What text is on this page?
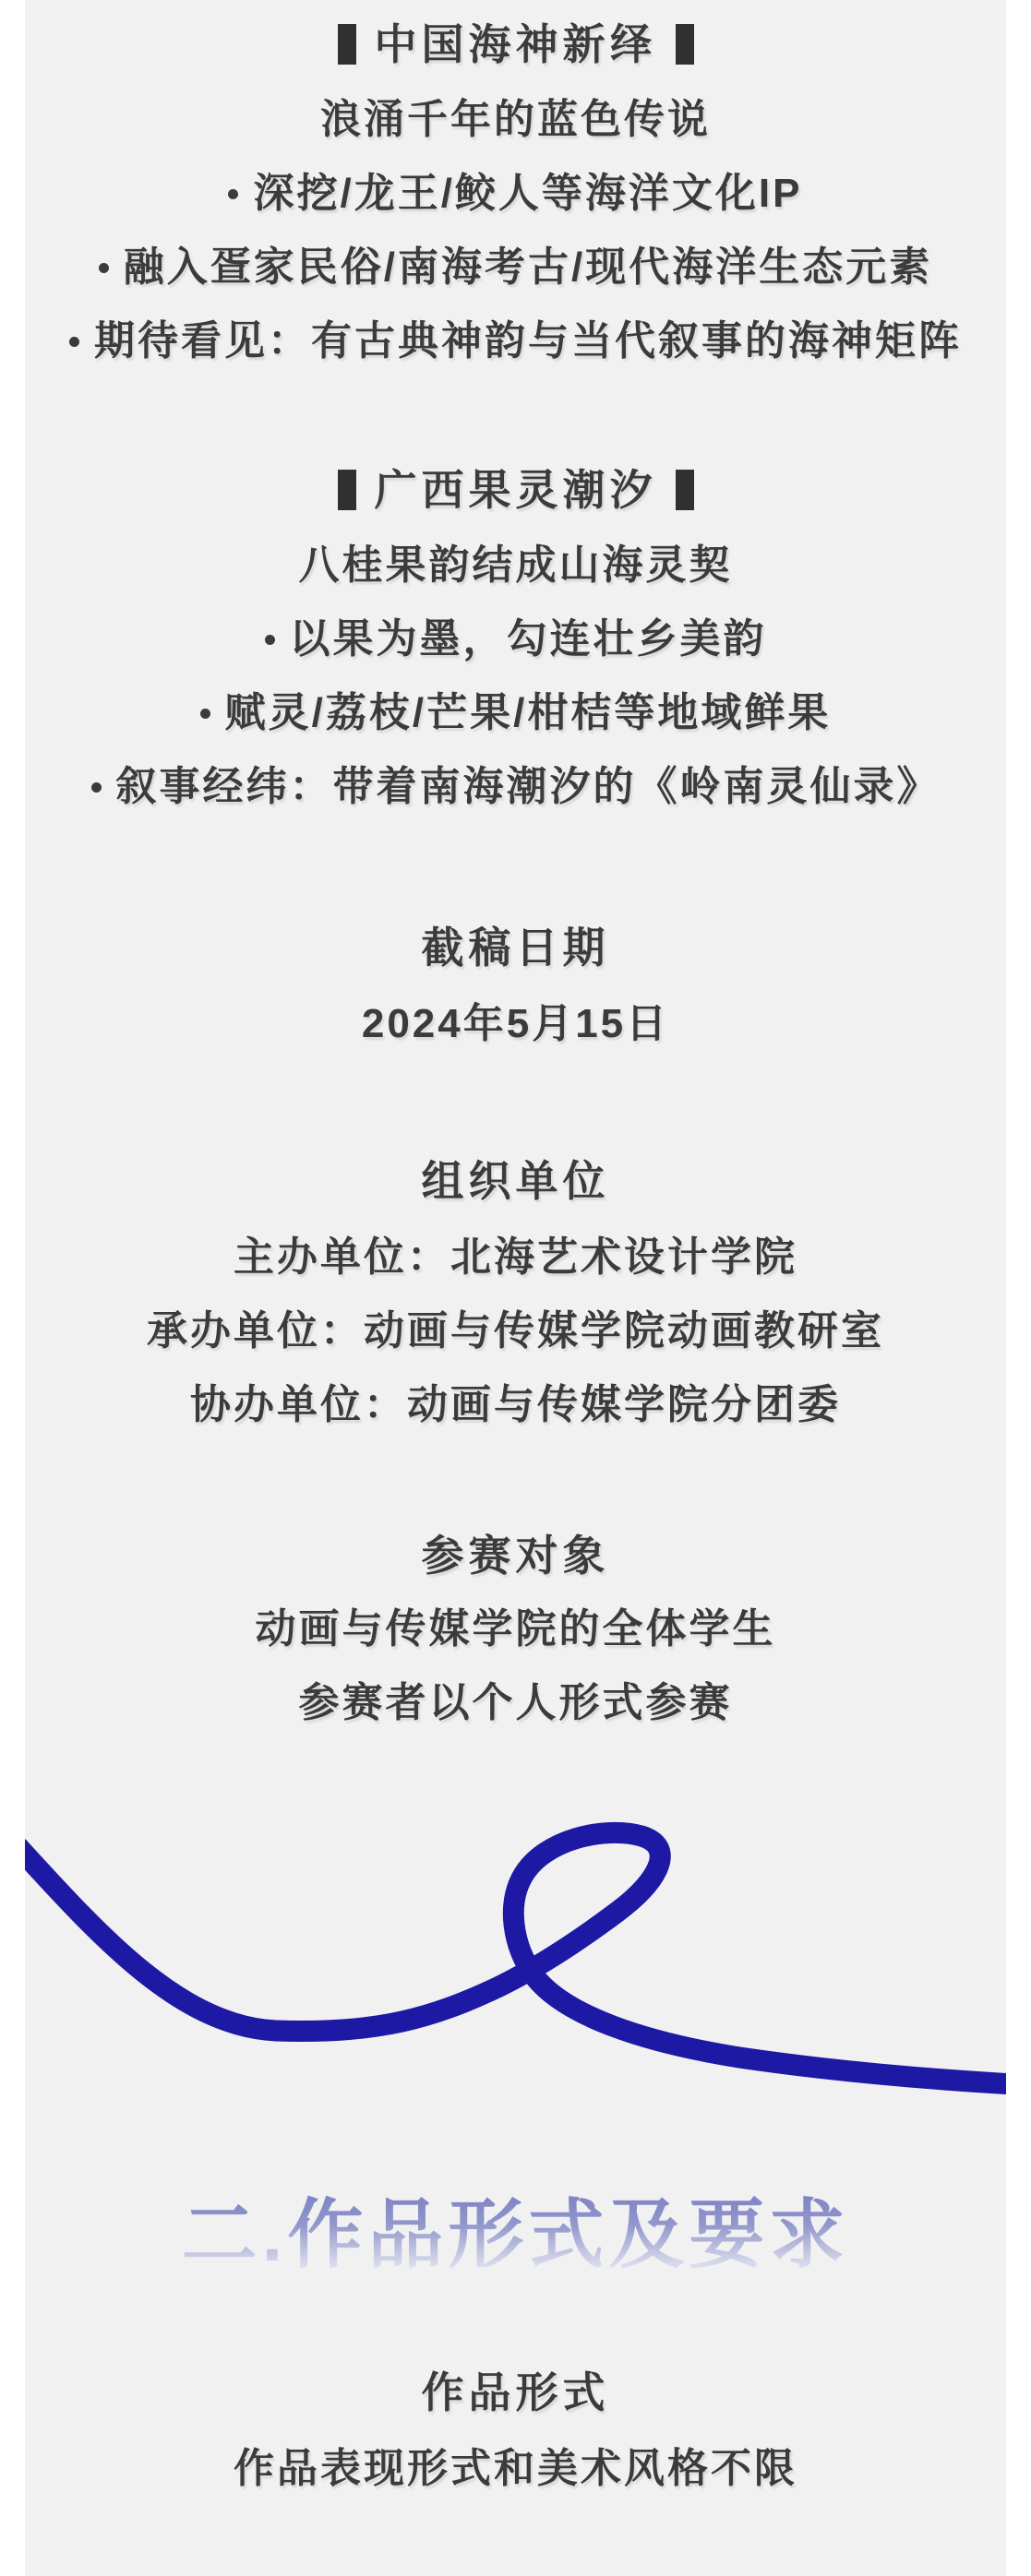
中国海神新绎
浪涌千年的蓝色传说
深挖/龙王/鲛人等海洋文化IP
融入疍家民俗/南海考古/现代海洋生态元素
期待看见：有古典神韵与当代叙事的海神矩阵
广西果灵潮汐
八桂果韵结成山海灵契
以果为墨，勾连壮乡美韵
赋灵/荔枝/芒果/柑桔等地域鲜果
叙事经纬：带着南海潮汐的《岭南灵仙录》
截稿日期
2024年5月15日
组织单位
主办单位：北海艺术设计学院
承办单位：动画与传媒学院动画教研室
协办单位：动画与传媒学院分团委
参赛对象
动画与传媒学院的全体学生
参赛者以个人形式参赛
二.作品形式及要求
作品形式
作品表现形式和美术风格不限
